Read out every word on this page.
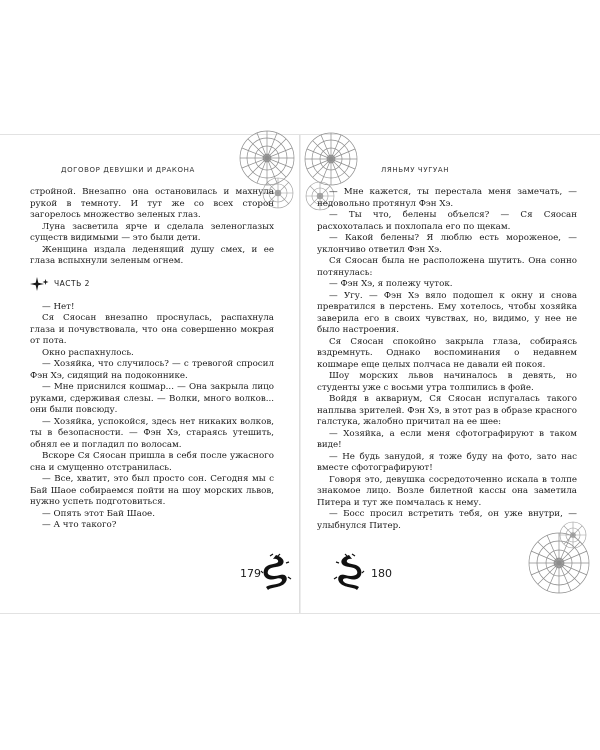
ДОГОВОР ДЕВУШКИ И ДРАКОНА

стройной. Внезапно она остановилась и махнула рукой в темноту. И тут же со всех сторон загорелось множество зеленых глаз.

Луна засветила ярче и сделала зеленоглазых существ видимыми — это были дети.

Женщина издала леденящий душу смех, и ее глаза вспыхнули зеленым огнем.

ЧАСТЬ 2

— Нет!

Ся Сяосан внезапно проснулась, распахнула глаза и почувствовала, что она совершенно мокрая от пота.

Окно распахнулось.

— Хозяйка, что случилось? — с тревогой спросил Фэн Хэ, сидящий на подоконнике.

— Мне приснился кошмар... — Она закрыла лицо руками, сдерживая слезы. — Волки, много волков... они были повсюду.

— Хозяйка, успокойся, здесь нет никаких волков, ты в безопасности. — Фэн Хэ, стараясь утешить, обнял ее и погладил по волосам.

Вскоре Ся Сяосан пришла в себя после ужасного сна и смущенно отстранилась.

— Все, хватит, это был просто сон. Сегодня мы с Бай Шаое собираемся пойти на шоу морских львов, нужно успеть подготовиться.

— Опять этот Бай Шаое.

— А что такого?

179
ЛЯНЬМУ ЧУГУАН

— Мне кажется, ты перестала меня замечать, — недовольно протянул Фэн Хэ.

— Ты что, белены объелся? — Ся Сяосан расхохоталась и похлопала его по щекам.

— Какой белены? Я люблю есть мороженое, — уклончиво ответил Фэн Хэ.

Ся Сяосан была не расположена шутить. Она сонно потянулась:

— Фэн Хэ, я полежу чуток.

— Угу. — Фэн Хэ вяло подошел к окну и снова превратился в перстень. Ему хотелось, чтобы хозяйка заверила его в своих чувствах, но, видимо, у нее не было настроения.

Ся Сяосан спокойно закрыла глаза, собираясь вздремнуть. Однако воспоминания о недавнем кошмаре еще целых полчаса не давали ей покоя.

Шоу морских львов начиналось в девять, но студенты уже с восьми утра толпились в фойе.

Войдя в аквариум, Ся Сяосан испугалась такого наплыва зрителей. Фэн Хэ, в этот раз в образе красного галстука, жалобно причитал на ее шее:

— Хозяйка, а если меня сфотографируют в таком виде!

— Не будь занудой, я тоже буду на фото, зато нас вместе сфотографируют!

Говоря это, девушка сосредоточенно искала в толпе знакомое лицо. Возле билетной кассы она заметила Питера и тут же помчалась к нему.

— Босс просил встретить тебя, он уже внутри, — улыбнулся Питер.

180
